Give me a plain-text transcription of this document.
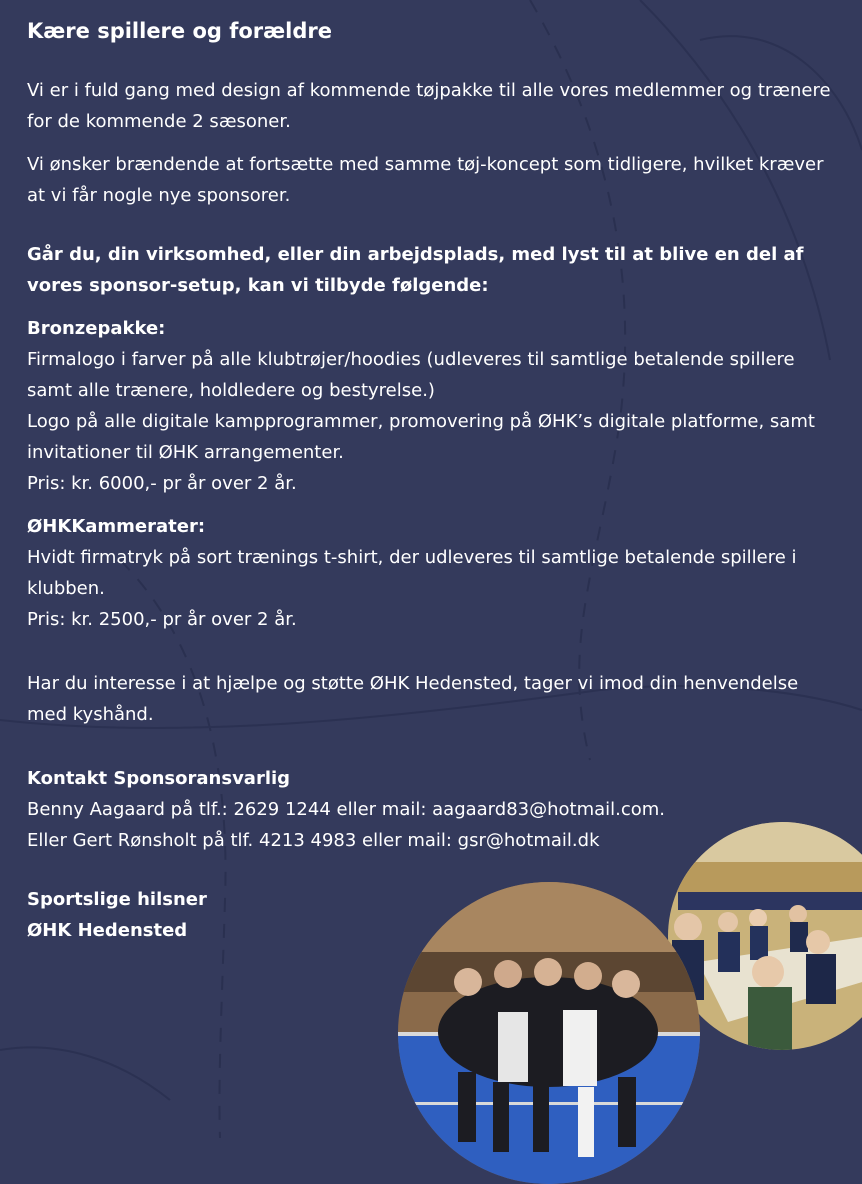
Kære spillere og forældre

Vi er i fuld gang med design af kommende tøjpakke til alle vores medlemmer og trænere for de kommende 2 sæsoner.

Vi ønsker brændende at fortsætte med samme tøj-koncept som tidligere, hvilket kræver at vi får nogle nye sponsorer.

Går du, din virksomhed, eller din arbejdsplads, med lyst til at blive en del af vores sponsor-setup, kan vi tilbyde følgende:

Bronzepakke:

Firmalogo i farver på alle klubtrøjer/hoodies (udleveres til samtlige betalende spillere samt alle trænere, holdledere og bestyrelse.)

Logo på alle digitale kampprogrammer, promovering på ØHK’s digitale platforme, samt invitationer til ØHK arrangementer.

Pris: kr. 6000,- pr år over 2 år.

ØHKKammerater:

Hvidt firmatryk på sort trænings t-shirt, der udleveres til samtlige betalende spillere i klubben.

Pris: kr. 2500,- pr år over 2 år.

Har du interesse i at hjælpe og støtte ØHK Hedensted, tager vi imod din henvendelse med kyshånd.

Kontakt Sponsoransvarlig

Benny Aagaard på tlf.: 2629 1244 eller mail: aagaard83@hotmail.com.

Eller Gert Rønsholt på tlf. 4213 4983 eller mail: gsr@hotmail.dk

Sportslige hilsner

ØHK Hedensted
